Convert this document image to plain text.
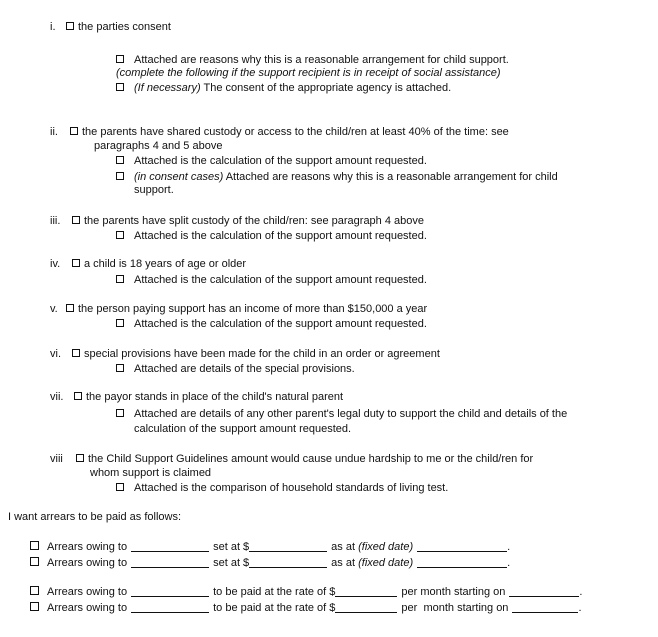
i. the parties consent
Attached are reasons why this is a reasonable arrangement for child support.
(complete the following if the support recipient is in receipt of social assistance)
(If necessary) The consent of the appropriate agency is attached.
ii. the parents have shared custody or access to the child/ren at least 40% of the time: see
paragraphs 4 and 5 above
Attached is the calculation of the support amount requested.
(in consent cases) Attached are reasons why this is a reasonable arrangement for child
support.
iii. the parents have split custody of the child/ren: see paragraph 4 above
Attached is the calculation of the support amount requested.
iv. a child is 18 years of age or older
Attached is the calculation of the support amount requested.
v. the person paying support has an income of more than $150,000 a year
Attached is the calculation of the support amount requested.
vi. special provisions have been made for the child in an order or agreement
Attached are details of the special provisions.
vii. the payor stands in place of the child's natural parent
Attached are details of any other parent's legal duty to support the child and details of the
calculation of the support amount requested.
viii the Child Support Guidelines amount would cause undue hardship to me or the child/ren for
whom support is claimed
Attached is the comparison of household standards of living test.
I want arrears to be paid as follows:
Arrears owing to	set at $	as at (fixed date)	.
Arrears owing to	set at $	as at (fixed date)	.
Arrears owing to	to be paid at the rate of $	per month starting on	.
Arrears owing to	to be paid at the rate of $	per month starting on	.
